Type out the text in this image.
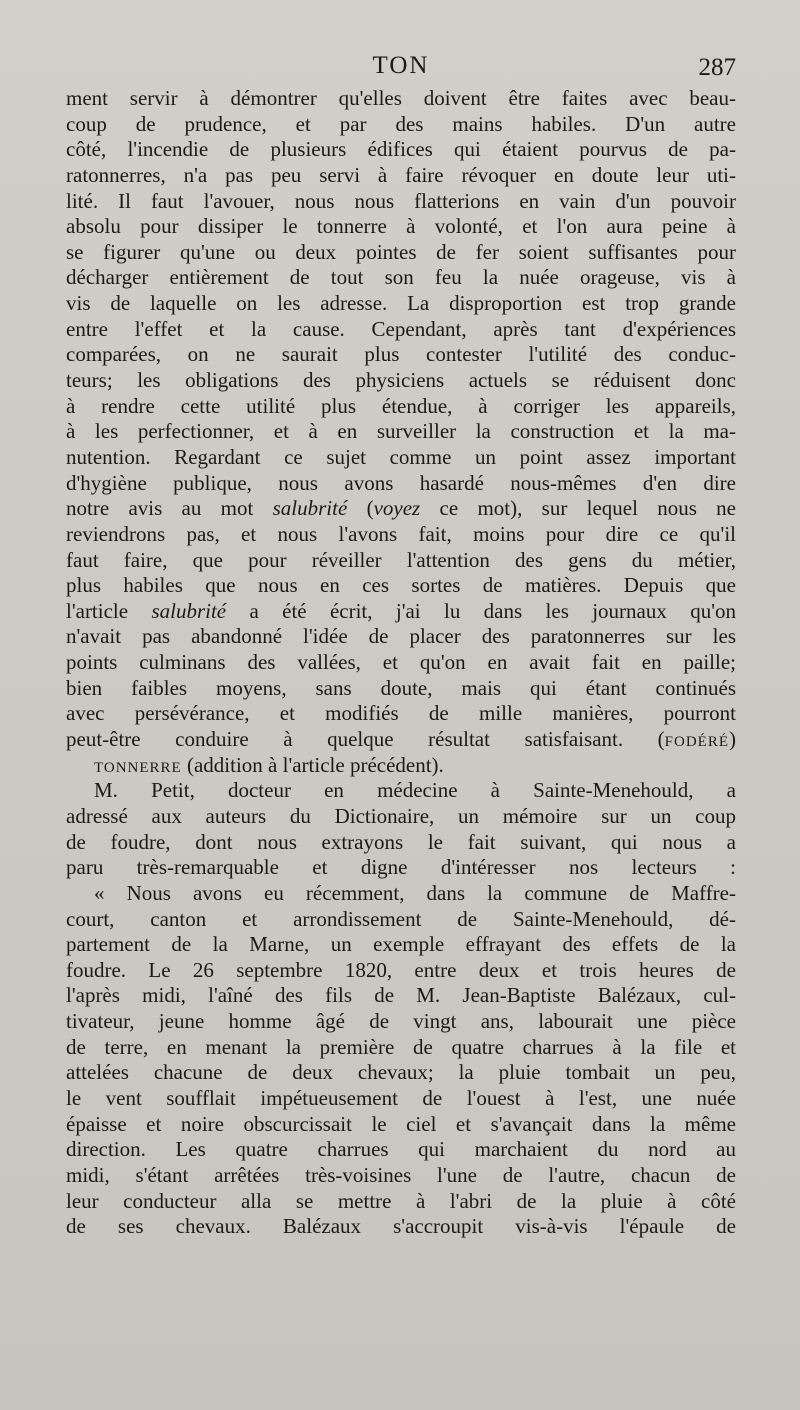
TON	287
ment servir à démontrer qu'elles doivent être faites avec beau-
coup de prudence, et par des mains habiles. D'un autre
côté, l'incendie de plusieurs édifices qui étaient pourvus de pa-
ratonnerres, n'a pas peu servi à faire révoquer en doute leur uti-
lité. Il faut l'avouer, nous nous flatterions en vain d'un pouvoir
absolu pour dissiper le tonnerre à volonté, et l'on aura peine à
se figurer qu'une ou deux pointes de fer soient suffisantes pour
décharger entièrement de tout son feu la nuée orageuse, vis à
vis de laquelle on les adresse. La disproportion est trop grande
entre l'effet et la cause. Cependant, après tant d'expériences
comparées, on ne saurait plus contester l'utilité des conduc-
teurs; les obligations des physiciens actuels se réduisent donc
à rendre cette utilité plus étendue, à corriger les appareils,
à les perfectionner, et à en surveiller la construction et la ma-
nutention. Regardant ce sujet comme un point assez important
d'hygiène publique, nous avons hasardé nous-mêmes d'en dire
notre avis au mot salubrité (voyez ce mot), sur lequel nous ne
reviendrons pas, et nous l'avons fait, moins pour dire ce qu'il
faut faire, que pour réveiller l'attention des gens du métier,
plus habiles que nous en ces sortes de matières. Depuis que
l'article salubrité a été écrit, j'ai lu dans les journaux qu'on
n'avait pas abandonné l'idée de placer des paratonnerres sur les
points culminans des vallées, et qu'on en avait fait en paille;
bien faibles moyens, sans doute, mais qui étant continués
avec persévérance, et modifiés de mille manières, pourront
peut-être conduire à quelque résultat satisfaisant. (FODÉRÉ)
TONNERRE (addition à l'article précédent).
M. Petit, docteur en médecine à Sainte-Menehould, a
adressé aux auteurs du Dictionaire, un mémoire sur un coup
de foudre, dont nous extrayons le fait suivant, qui nous a
paru très-remarquable et digne d'intéresser nos lecteurs :
« Nous avons eu récemment, dans la commune de Maffre-
court, canton et arrondissement de Sainte-Menehould, dé-
partement de la Marne, un exemple effrayant des effets de la
foudre. Le 26 septembre 1820, entre deux et trois heures de
l'après midi, l'aîné des fils de M. Jean-Baptiste Balézaux, cul-
tivateur, jeune homme âgé de vingt ans, labourait une pièce
de terre, en menant la première de quatre charrues à la file et
attelées chacune de deux chevaux; la pluie tombait un peu,
le vent soufflait impétueusement de l'ouest à l'est, une nuée
épaisse et noire obscurcissait le ciel et s'avançait dans la même
direction. Les quatre charrues qui marchaient du nord au
midi, s'étant arrêtées très-voisines l'une de l'autre, chacun de
leur conducteur alla se mettre à l'abri de la pluie à côté
de ses chevaux. Balézaux s'accroupit vis-à-vis l'épaule de
